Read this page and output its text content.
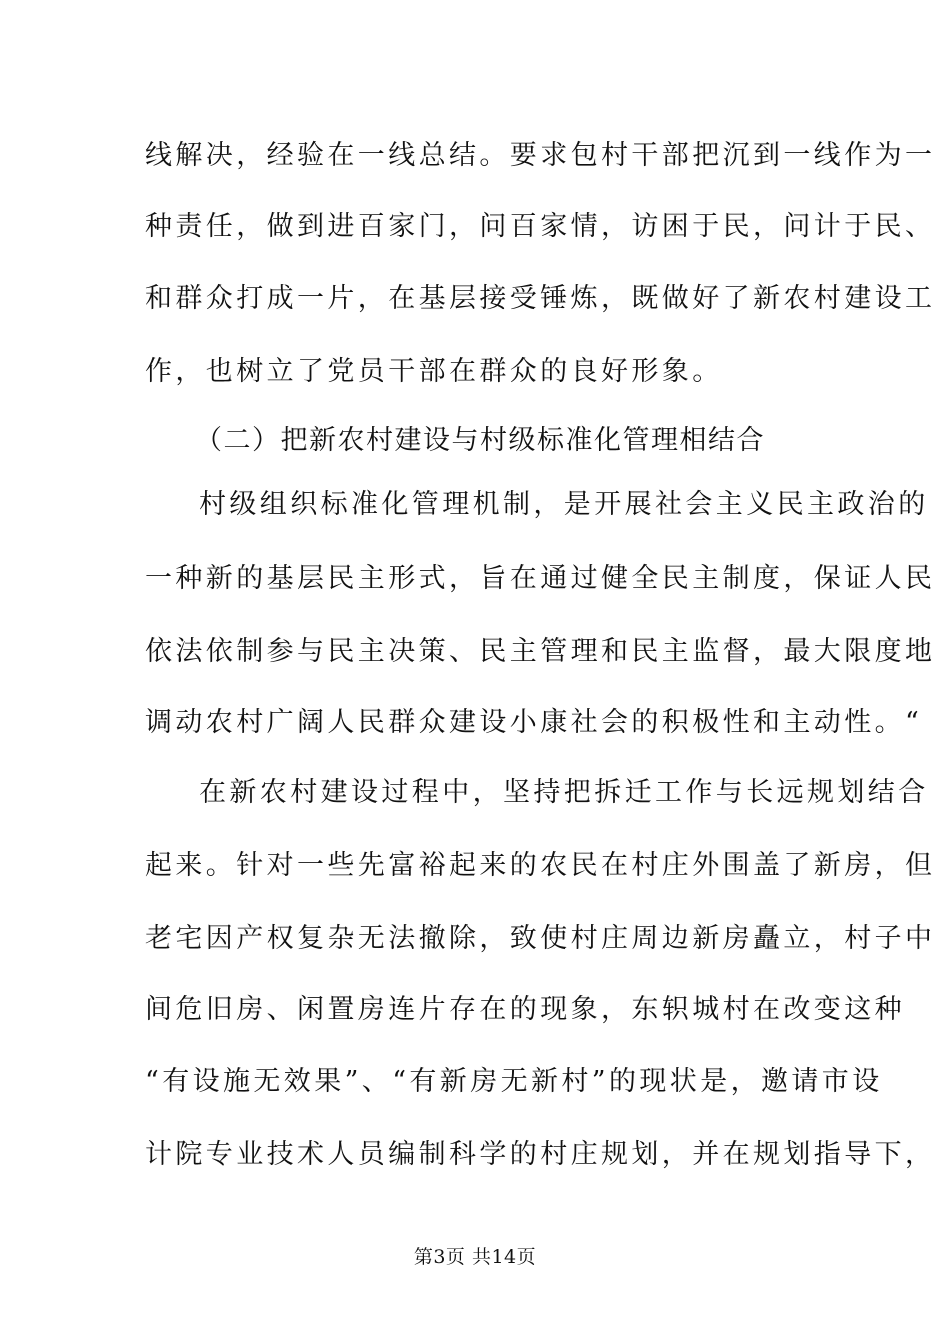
线解决，经验在一线总结。要求包村干部把沉到一线作为一
种责任，做到进百家门，问百家情，访困于民，问计于民、
和群众打成一片，在基层接受锤炼，既做好了新农村建设工
作，也树立了党员干部在群众的良好形象。
（二）把新农村建设与村级标准化管理相结合
村级组织标准化管理机制，是开展社会主义民主政治的
一种新的基层民主形式，旨在通过健全民主制度，保证人民
依法依制参与民主决策、民主管理和民主监督，最大限度地
调动农村广阔人民群众建设小康社会的积极性和主动性。“
在新农村建设过程中，坚持把拆迁工作与长远规划结合
起来。针对一些先富裕起来的农民在村庄外围盖了新房，但
老宅因产权复杂无法撤除，致使村庄周边新房矗立，村子中
间危旧房、闲置房连片存在的现象，东轵城村在改变这种
“有设施无效果”、“有新房无新村”的现状是，邀请市设
计院专业技术人员编制科学的村庄规划，并在规划指导下，
第3页 共14页
